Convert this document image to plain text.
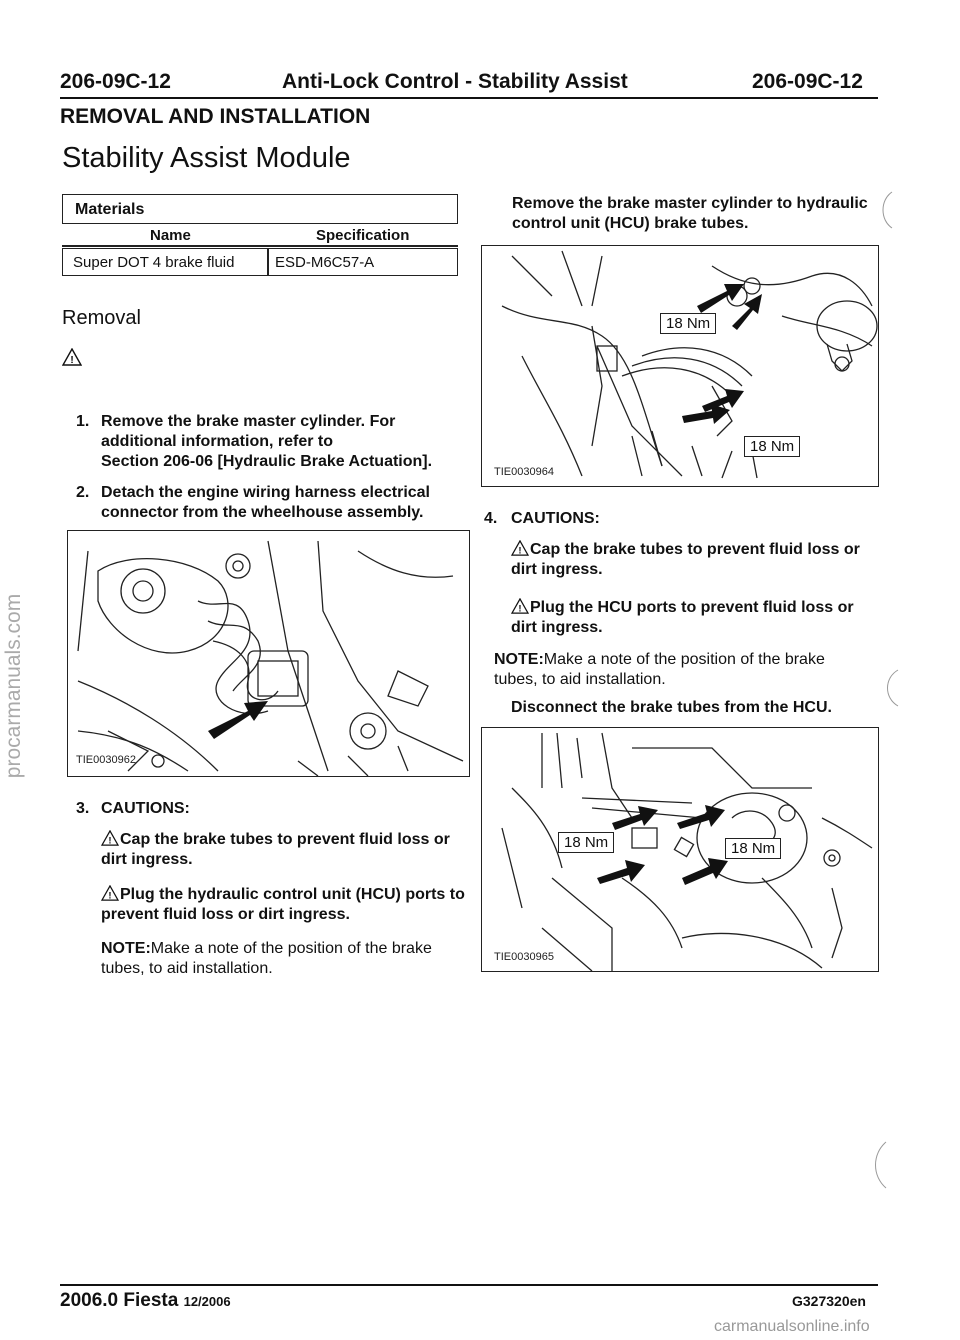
procarmanuals.com
206-09C-12	Anti-Lock Control - Stability Assist	206-09C-12
REMOVAL AND INSTALLATION
Stability Assist Module
Materials
Name	Specification
Super DOT 4 brake fluid	ESD-M6C57-A
Removal
!
1. Remove the brake master cylinder. For
additional information, refer to
Section 206-06 [Hydraulic Brake Actuation].
2. Detach the engine wiring harness electrical
connector from the wheelhouse assembly.
TIE0030962
3. CAUTIONS:
! Cap the brake tubes to prevent fluid loss or dirt ingress.
! Plug the hydraulic control unit (HCU) ports to prevent fluid loss or dirt ingress.
NOTE:Make a note of the position of the brake tubes, to aid installation.
Remove the brake master cylinder to hydraulic control unit (HCU) brake tubes.
18 Nm
18 Nm
TIE0030964
4. CAUTIONS:
! Cap the brake tubes to prevent fluid loss or dirt ingress.
! Plug the HCU ports to prevent fluid loss or dirt ingress.
NOTE:Make a note of the position of the brake tubes, to aid installation.
Disconnect the brake tubes from the HCU.
18 Nm	18 Nm
TIE0030965
2006.0 Fiesta 12/2006	G327320en
carmanualsonline.info
